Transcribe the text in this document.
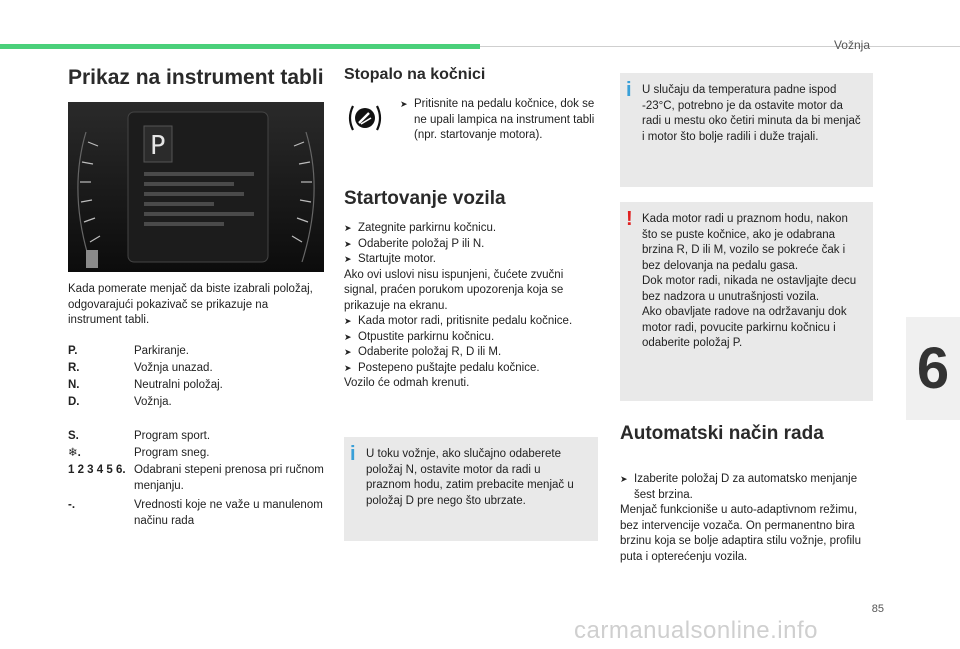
Vožnja
6
Prikaz na instrument tabli
P
Kada pomerate menjač da biste izabrali položaj, odgovarajući pokazivač se prikazuje na instrument tabli.
P.	Parkiranje.
R.	Vožnja unazad.
N.	Neutralni položaj.
D.	Vožnja.
S.	Program sport.
❄.	Program sneg.
1 2 3 4 5 6. Odabrani stepeni prenosa pri ručnom menjanju.
-.	Vrednosti koje ne važe u manulenom načinu rada
Stopalo na kočnici
➤ Pritisnite na pedalu kočnice, dok se ne upali lampica na instrument tabli (npr. startovanje motora).
Startovanje vozila
➤ Zategnite parkirnu kočnicu.
➤ Odaberite položaj P ili N.
➤ Startujte motor.
Ako ovi uslovi nisu ispunjeni, čućete zvučni signal, praćen porukom upozorenja koja se prikazuje na ekranu.
➤ Kada motor radi, pritisnite pedalu kočnice.
➤ Otpustite parkirnu kočnicu.
➤ Odaberite položaj R, D ili M.
➤ Postepeno puštajte pedalu kočnice.
Vozilo će odmah krenuti.
i U toku vožnje, ako slučajno odaberete položaj N, ostavite motor da radi u praznom hodu, zatim prebacite menjač u položaj D pre nego što ubrzate.
i U slučaju da temperatura padne ispod -23°C, potrebno je da ostavite motor da radi u mestu oko četiri minuta da bi menjač i motor što bolje radili i duže trajali.
! Kada motor radi u praznom hodu, nakon što se puste kočnice, ako je odabrana brzina R, D ili M, vozilo se pokreće čak i bez delovanja na pedalu gasa.
Dok motor radi, nikada ne ostavljajte decu bez nadzora u unutrašnjosti vozila.
Ako obavljate radove na održavanju dok motor radi, povucite parkirnu kočnicu i odaberite položaj P.
Automatski način rada
➤ Izaberite položaj D za automatsko menjanje šest brzina.
Menjač funkcioniše u auto-adaptivnom režimu, bez intervencije vozača. On permanentno bira brzinu koja se bolje adaptira stilu vožnje, profilu puta i opterećenju vozila.
85
carmanualsonline.info
